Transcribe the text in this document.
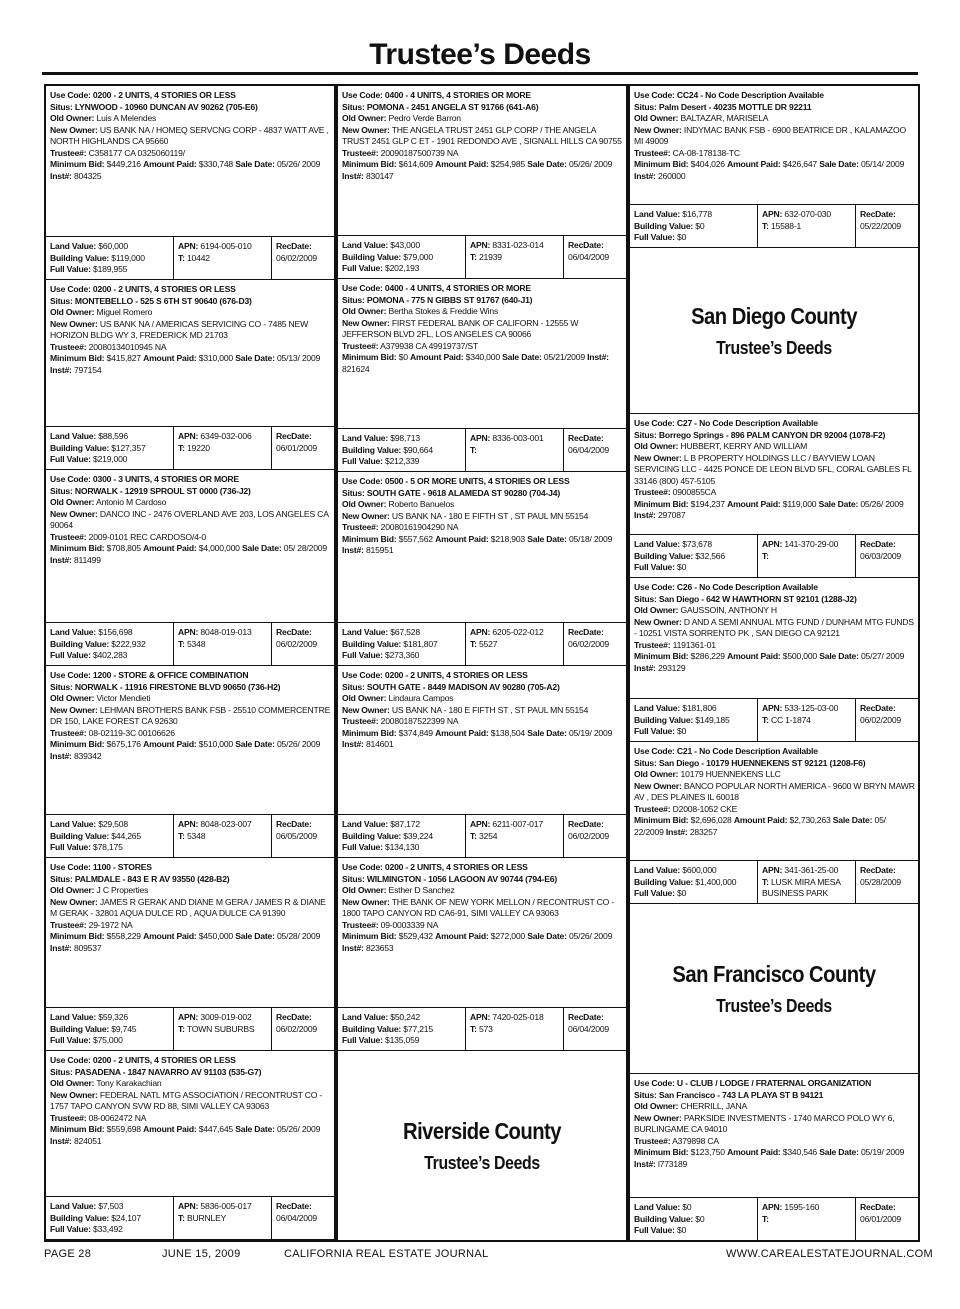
Trustee’s Deeds
Use Code: 0200 - 2 UNITS, 4 STORIES OR LESS
Situs: LYNWOOD - 10960 DUNCAN AV 90262 (705-E6)
Old Owner: Luis A Melendes
New Owner: US BANK NA / HOMEQ SERVCNG CORP - 4837 WATT AVE , NORTH HIGHLANDS CA 95660
Trustee#: C358177 CA 0325060119/
Minimum Bid: $449,216 Amount Paid: $330,748 Sale Date: 05/26/ 2009 Inst#: 804325
Land Value: $60,000
Building Value: $119,000
Full Value: $189,955
APN: 6194-005-010
T: 10442
RecDate:
06/02/2009
Use Code: 0200 - 2 UNITS, 4 STORIES OR LESS
Situs: MONTEBELLO - 525 S 6TH ST 90640 (676-D3)
Old Owner: Miguel Romero
New Owner: US BANK NA / AMERICAS SERVICING CO - 7485 NEW HORIZON BLDG WY 3, FREDERICK MD 21703
Trustee#: 20080134010945 NA
Minimum Bid: $415,827 Amount Paid: $310,000 Sale Date: 05/13/ 2009 Inst#: 797154
Land Value: $88,596
Building Value: $127,357
Full Value: $219,000
APN: 6349-032-006
T: 19220
RecDate:
06/01/2009
Use Code: 0300 - 3 UNITS, 4 STORIES OR MORE
Situs: NORWALK - 12919 SPROUL ST 0000 (736-J2)
Old Owner: Antonio M Cardoso
New Owner: DANCO INC - 2476 OVERLAND AVE 203, LOS ANGELES CA 90064
Trustee#: 2009-0101 REC CARDOSO/4-0
Minimum Bid: $708,805 Amount Paid: $4,000,000 Sale Date: 05/ 28/2009 Inst#: 811499
Land Value: $156,698
Building Value: $222,932
Full Value: $402,283
APN: 8048-019-013
T: 5348
RecDate:
06/02/2009
Use Code: 1200 - STORE & OFFICE COMBINATION
Situs: NORWALK - 11916 FIRESTONE BLVD 90650 (736-H2)
Old Owner: Victor Mendieti
New Owner: LEHMAN BROTHERS BANK FSB - 25510 COMMERCENTRE DR 150, LAKE FOREST CA 92630
Trustee#: 08-02119-3C 00106626
Minimum Bid: $675,176 Amount Paid: $510,000 Sale Date: 05/26/ 2009 Inst#: 839342
Land Value: $29,508
Building Value: $44,265
Full Value: $78,175
APN: 8048-023-007
T: 5348
RecDate:
06/05/2009
Use Code: 1100 - STORES
Situs: PALMDALE - 843 E R AV 93550 (428-B2)
Old Owner: J C Properties
New Owner: JAMES R GERAK AND DIANE M GERA / JAMES R & DIANE M GERAK - 32801 AQUA DULCE RD , AQUA DULCE CA 91390
Trustee#: 29-1972 NA
Minimum Bid: $558,229 Amount Paid: $450,000 Sale Date: 05/28/ 2009 Inst#: 809537
Land Value: $59,326
Building Value: $9,745
Full Value: $75,000
APN: 3009-019-002
T: TOWN SUBURBS
RecDate:
06/02/2009
Use Code: 0200 - 2 UNITS, 4 STORIES OR LESS
Situs: PASADENA - 1847 NAVARRO AV 91103 (535-G7)
Old Owner: Tony Karakachian
New Owner: FEDERAL NATL MTG ASSOCIATION / RECONTRUST CO - 1757 TAPO CANYON SVW RD 88, SIMI VALLEY CA 93063
Trustee#: 08-0062472 NA
Minimum Bid: $559,698 Amount Paid: $447,645 Sale Date: 05/26/ 2009 Inst#: 824051
Land Value: $7,503
Building Value: $24,107
Full Value: $33,492
APN: 5836-005-017
T: BURNLEY
RecDate:
06/04/2009
Use Code: 0400 - 4 UNITS, 4 STORIES OR MORE
Situs: POMONA - 2451 ANGELA ST 91766 (641-A6)
Old Owner: Pedro Verde Barron
New Owner: THE ANGELA TRUST 2451 GLP CORP / THE ANGELA TRUST 2451 GLP C ET - 1901 REDONDO AVE , SIGNALL HILLS CA 90755
Trustee#: 20090187500739 NA
Minimum Bid: $614,609 Amount Paid: $254,985 Sale Date: 05/26/ 2009 Inst#: 830147
Land Value: $43,000
Building Value: $79,000
Full Value: $202,193
APN: 8331-023-014
T: 21939
RecDate:
06/04/2009
Use Code: 0400 - 4 UNITS, 4 STORIES OR MORE
Situs: POMONA - 775 N GIBBS ST 91767 (640-J1)
Old Owner: Bertha Stokes & Freddie Wins
New Owner: FIRST FEDERAL BANK OF CALIFORN - 12555 W JEFFERSON BLVD 2FL, LOS ANGELES CA 90066
Trustee#: A379938 CA 49919737/ST
Minimum Bid: $0 Amount Paid: $340,000 Sale Date: 05/21/2009 Inst#: 821624
Land Value: $98,713
Building Value: $90,664
Full Value: $212,339
APN: 8336-003-001
T:
RecDate:
06/04/2009
Use Code: 0500 - 5 OR MORE UNITS, 4 STORIES OR LESS
Situs: SOUTH GATE - 9618 ALAMEDA ST 90280 (704-J4)
Old Owner: Roberto Banuelos
New Owner: US BANK NA - 180 E FIFTH ST , ST PAUL MN 55154
Trustee#: 20080161904290 NA
Minimum Bid: $557,562 Amount Paid: $218,903 Sale Date: 05/18/ 2009 Inst#: 815951
Land Value: $67,528
Building Value: $181,807
Full Value: $273,360
APN: 6205-022-012
T: 5527
RecDate:
06/02/2009
Use Code: 0200 - 2 UNITS, 4 STORIES OR LESS
Situs: SOUTH GATE - 8449 MADISON AV 90280 (705-A2)
Old Owner: Lindaura Campos
New Owner: US BANK NA - 180 E FIFTH ST , ST PAUL MN 55154
Trustee#: 20080187522399 NA
Minimum Bid: $374,849 Amount Paid: $138,504 Sale Date: 05/19/ 2009 Inst#: 814601
Land Value: $87,172
Building Value: $39,224
Full Value: $134,130
APN: 6211-007-017
T: 3254
RecDate:
06/02/2009
Use Code: 0200 - 2 UNITS, 4 STORIES OR LESS
Situs: WILMINGTON - 1056 LAGOON AV 90744 (794-E6)
Old Owner: Esther D Sanchez
New Owner: THE BANK OF NEW YORK MELLON / RECONTRUST CO - 1800 TAPO CANYON RD CA6-91, SIMI VALLEY CA 93063
Trustee#: 09-0003339 NA
Minimum Bid: $529,432 Amount Paid: $272,000 Sale Date: 05/26/ 2009 Inst#: 823653
Land Value: $50,242
Building Value: $77,215
Full Value: $135,059
APN: 7420-025-018
T: 573
RecDate:
06/04/2009
Riverside County
Trustee’s Deeds
Use Code: CC24 - No Code Description Available
Situs: Palm Desert - 40235 MOTTLE DR 92211
Old Owner: BALTAZAR, MARISELA
New Owner: INDYMAC BANK FSB - 6900 BEATRICE DR , KALAMAZOO MI 49009
Trustee#: CA-08-178138-TC
Minimum Bid: $404,026 Amount Paid: $426,647 Sale Date: 05/14/ 2009 Inst#: 260000
Land Value: $16,778
Building Value: $0
Full Value: $0
APN: 632-070-030
T: 15588-1
RecDate:
05/22/2009
San Diego County
Trustee’s Deeds
Use Code: C27 - No Code Description Available
Situs: Borrego Springs - 896 PALM CANYON DR 92004 (1078-F2)
Old Owner: HUBBERT, KERRY AND WILLIAM
New Owner: L B PROPERTY HOLDINGS LLC / BAYVIEW LOAN SERVICING LLC - 4425 PONCE DE LEON BLVD 5FL, CORAL GABLES FL 33146 (800) 457-5105
Trustee#: 0900855CA
Minimum Bid: $194,237 Amount Paid: $119,000 Sale Date: 05/26/ 2009 Inst#: 297087
Land Value: $73,678
Building Value: $32,566
Full Value: $0
APN: 141-370-29-00
T:
RecDate:
06/03/2009
Use Code: C26 - No Code Description Available
Situs: San Diego - 642 W HAWTHORN ST 92101 (1288-J2)
Old Owner: GAUSSOIN, ANTHONY H
New Owner: D AND A SEMI ANNUAL MTG FUND / DUNHAM MTG FUNDS - 10251 VISTA SORRENTO PK , SAN DIEGO CA 92121
Trustee#: 1191361-01
Minimum Bid: $286,229 Amount Paid: $500,000 Sale Date: 05/27/ 2009 Inst#: 293129
Land Value: $181,806
Building Value: $149,185
Full Value: $0
APN: 533-125-03-00
T: CC 1-1874
RecDate:
06/02/2009
Use Code: C21 - No Code Description Available
Situs: San Diego - 10179 HUENNEKENS ST 92121 (1208-F6)
Old Owner: 10179 HUENNEKENS LLC
New Owner: BANCO POPULAR NORTH AMERICA - 9600 W BRYN MAWR AV , DES PLAINES IL 60018
Trustee#: D2008-1052 CKE
Minimum Bid: $2,696,028 Amount Paid: $2,730,263 Sale Date: 05/ 22/2009 Inst#: 283257
Land Value: $600,000
Building Value: $1,400,000
Full Value: $0
APN: 341-361-25-00
T: LUSK MIRA MESA BUSINESS PARK
RecDate:
05/28/2009
San Francisco County
Trustee’s Deeds
Use Code: U - CLUB / LODGE / FRATERNAL ORGANIZATION
Situs: San Francisco - 743 LA PLAYA ST B 94121
Old Owner: CHERRILL, JANA
New Owner: PARKSIDE INVESTMENTS - 1740 MARCO POLO WY 6, BURLINGAME CA 94010
Trustee#: A379898 CA
Minimum Bid: $123,750 Amount Paid: $340,546 Sale Date: 05/19/ 2009 Inst#: l773189
Land Value: $0
Building Value: $0
Full Value: $0
APN: 1595-160
T:
RecDate:
06/01/2009
PAGE 28	JUNE 15, 2009	CALIFORNIA REAL ESTATE JOURNAL	WWW.CAREALESTATEJOURNAL.COM
